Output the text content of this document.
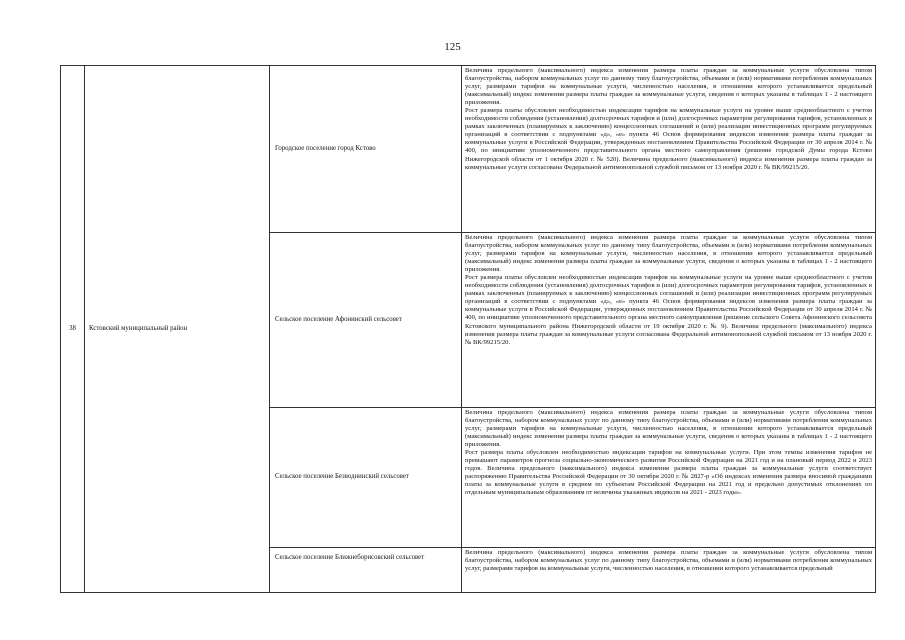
125
38	Кстовский муниципальный район	Городское поселение город Кстово	Величина предельного (максимального) индекса изменения размера платы граждан за коммунальные услуги обусловлена типом благоустройства, набором коммунальных услуг по данному типу благоустройства, объемами и (или) нормативами потребления коммунальных услуг, размерами тарифов на коммунальные услуги, численностью населения, в отношении которого устанавливается предельный (максимальный) индекс изменения размера платы граждан за коммунальные услуги, сведения о которых указаны в таблицах 1 - 2 настоящего приложения.

Рост размера платы обусловлен необходимостью индексации тарифов на коммунальные услуги на уровне выше среднеобластного с учетом необходимости соблюдения (установления) долгосрочных тарифов и (или) долгосрочных параметров регулирования тарифов, установленных в рамках заключенных (планируемых к заключению) концессионных соглашений и (или) реализации инвестиционных программ регулируемых организаций в соответствии с подпунктами «д», «е» пункта 46 Основ формирования индексов изменения размера платы граждан за коммунальные услуги в Российской Федерации, утвержденных постановлением Правительства Российской Федерации от 30 апреля 2014 г. № 400, по инициативе уполномоченного представительного органа местного самоуправления (решение городской Думы города Кстово Нижегородской области от 1 октября 2020 г. № 520). Величина предельного (максимального) индекса изменения размера платы граждан за коммунальные услуги согласована Федеральной антимонопольной службой письмом от 13 ноября 2020 г. № ВК/99215/20.

		Сельское поселение Афонинский сельсовет	Величина предельного (максимального) индекса изменения размера платы граждан за коммунальные услуги обусловлена типом благоустройства, набором коммунальных услуг по данному типу благоустройства, объемами и (или) нормативами потребления коммунальных услуг, размерами тарифов на коммунальные услуги, численностью населения, в отношении которого устанавливается предельный (максимальный) индекс изменения размера платы граждан за коммунальные услуги, сведения о которых указаны в таблицах 1 - 2 настоящего приложения.

Рост размера платы обусловлен необходимостью индексации тарифов на коммунальные услуги на уровне выше среднеобластного с учетом необходимости соблюдения (установления) долгосрочных тарифов и (или) долгосрочных параметров регулирования тарифов, установленных в рамках заключенных (планируемых к заключению) концессионных соглашений и (или) реализации инвестиционных программ регулируемых организаций в соответствии с подпунктами «д», «е» пункта 46 Основ формирования индексов изменения размера платы граждан за коммунальные услуги в Российской Федерации, утвержденных постановлением Правительства Российской Федерации от 30 апреля 2014 г. № 400, по инициативе уполномоченного представительного органа местного самоуправления (решение сельского Совета Афонинского сельсовета Кстовского муниципального района Нижегородской области от 19 октября 2020 г. № 9). Величина предельного (максимального) индекса изменения размера платы граждан за коммунальные услуги согласована Федеральной антимонопольной службой письмом от 13 ноября 2020 г. № ВК/99215/20.

		Сельское поселение Безводнинский сельсовет	Величина предельного (максимального) индекса изменения размера платы граждан за коммунальные услуги обусловлена типом благоустройства, набором коммунальных услуг по данному типу благоустройства, объемами и (или) нормативами потребления коммунальных услуг, размерами тарифов на коммунальные услуги, численностью населения, в отношении которого устанавливается предельный (максимальный) индекс изменения размера платы граждан за коммунальные услуги, сведения о которых указаны в таблицах 1 - 2 настоящего приложения.

Рост размера платы обусловлен необходимостью индексации тарифов на коммунальные услуги. При этом темпы изменения тарифов не превышают параметров прогноза социально-экономического развития Российской Федерации на 2021 год и на плановый период 2022 и 2023 годов. Величина предельного (максимального) индекса изменения размера платы граждан за коммунальные услуги соответствует распоряжению Правительства Российской Федерации от 30 октября 2020 г. № 2827-р «Об индексах изменения размера вносимой гражданами платы за коммунальные услуги в среднем по субъектам Российской Федерации на 2021 год и предельно допустимых отклонениях по отдельным муниципальным образованиям от величины указанных индексов на 2021 - 2023 годы».

		Сельское поселение Ближнеборисовский сельсовет	Величина предельного (максимального) индекса изменения размера платы граждан за коммунальные услуги обусловлена типом благоустройства, набором коммунальных услуг по данному типу благоустройства, объемами и (или) нормативами потребления коммунальных услуг, размерами тарифов на коммунальные услуги, численностью населения, в отношении которого устанавливается предельный
